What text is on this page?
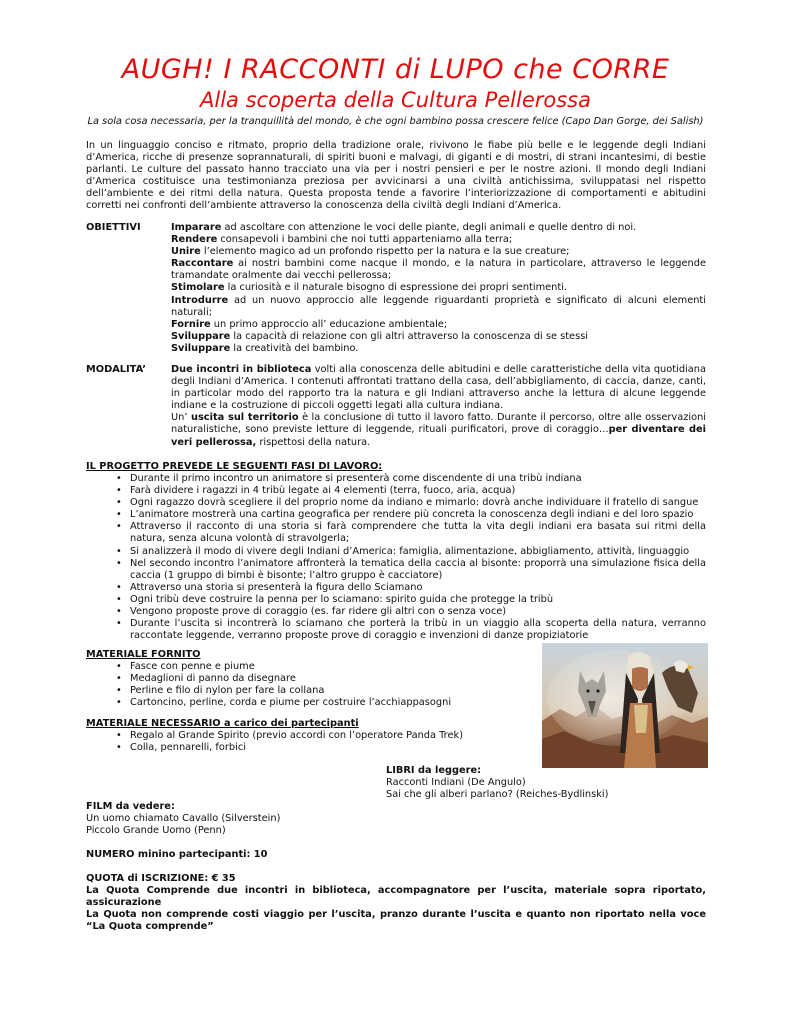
AUGH! I RACCONTI di LUPO che CORRE
Alla scoperta della Cultura Pellerossa
La sola cosa necessaria, per la tranquillità del mondo, è che ogni bambino possa crescere felice (Capo Dan Gorge, dei Salish)

In un linguaggio conciso e ritmato, proprio della tradizione orale, rivivono le fiabe più belle e le leggende degli Indiani d’America, ricche di presenze soprannaturali, di spiriti buoni e malvagi, di giganti e di mostri, di strani incantesimi, di bestie parlanti. Le culture del passato hanno tracciato una via per i nostri pensieri e per le nostre azioni. Il mondo degli Indiani d’America costituisce una testimonianza preziosa per avvicinarsi a una civiltà antichissima, sviluppatasi nel rispetto dell’ambiente e dei ritmi della natura. Questa proposta tende a favorire l’interiorizzazione di comportamenti e abitudini corretti nei confronti dell’ambiente attraverso la conoscenza della civiltà degli Indiani d’America.

OBIETTIVI	Imparare ad ascoltare con attenzione le voci delle piante, degli animali e quelle dentro di noi.

Rendere consapevoli i bambini che noi tutti apparteniamo alla terra;

Unire l’elemento magico ad un profondo rispetto per la natura e la sue creature;

Raccontare ai nostri bambini come nacque il mondo, e la natura in particolare, attraverso le leggende tramandate oralmente dai vecchi pellerossa;

Stimolare la curiosità e il naturale bisogno di espressione dei propri sentimenti.

Introdurre ad un nuovo approccio alle leggende riguardanti proprietà e significato di alcuni elementi naturali;

Fornire un primo approccio all’ educazione ambientale;

Sviluppare la capacità di relazione con gli altri attraverso la conoscenza di se stessi

Sviluppare la creatività del bambino.

MODALITA’	Due incontri in biblioteca volti alla conoscenza delle abitudini e delle caratteristiche della vita quotidiana degli Indiani d’America. I contenuti affrontati trattano della casa, dell’abbigliamento, di caccia, danze, canti, in particolar modo del rapporto tra la natura e gli Indiani attraverso anche la lettura di alcune leggende indiane e la costruzione di piccoli oggetti legati alla cultura indiana.

Un’ uscita sul territorio è la conclusione di tutto il lavoro fatto. Durante il percorso, oltre alle osservazioni naturalistiche, sono previste letture di leggende, rituali purificatori, prove di coraggio…per diventare dei veri pellerossa, rispettosi della natura.

IL PROGETTO PREVEDE LE SEGUENTI FASI DI LAVORO:
• Durante il primo incontro un animatore si presenterà come discendente di una tribù indiana
• Farà dividere i ragazzi in 4 tribù legate ai 4 elementi (terra, fuoco, aria, acqua)
• Ogni ragazzo dovrà scegliere il del proprio nome da indiano e mimarlo: dovrà anche individuare il fratello di sangue
• L’animatore mostrerà una cartina geografica per rendere più concreta la conoscenza degli indiani e del loro spazio
• Attraverso il racconto di una storia si farà comprendere che tutta la vita degli indiani era basata sui ritmi della natura, senza alcuna volontà di stravolgerla;
• Si analizzerà il modo di vivere degli Indiani d’America: famiglia, alimentazione, abbigliamento, attività, linguaggio
• Nel secondo incontro l’animatore affronterà la tematica della caccia al bisonte: proporrà una simulazione fisica della caccia (1 gruppo di bimbi è bisonte; l’altro gruppo è cacciatore)
• Attraverso una storia si presenterà la figura dello Sciamano
• Ogni tribù deve costruire la penna per lo sciamano: spirito guida che protegge la tribù
• Vengono proposte prove di coraggio (es. far ridere gli altri con o senza voce)
• Durante l’uscita si incontrerà lo sciamano che porterà la tribù in un viaggio alla scoperta della natura, verranno raccontate leggende, verranno proposte prove di coraggio e invenzioni di danze propiziatorie
MATERIALE FORNITO
• Fasce con penne e piume
• Medaglioni di panno da disegnare
• Perline e filo di nylon per fare la collana
• Cartoncino, perline, corda e piume per costruire l’acchiappasogni
MATERIALE NECESSARIO a carico dei partecipanti
• Regalo al Grande Spirito (previo accordi con l’operatore Panda Trek)
• Colla, pennarelli, forbici
LIBRI da leggere:
Racconti Indiani (De Angulo)
Sai che gli alberi parlano? (Reiches-Bydlinski)
FILM da vedere:
Un uomo chiamato Cavallo (Silverstein)
Piccolo Grande Uomo (Penn)
NUMERO minino partecipanti: 10
QUOTA di ISCRIZIONE: € 35

La Quota Comprende due incontri in biblioteca, accompagnatore per l’uscita, materiale sopra riportato, assicurazione

La Quota non comprende costi viaggio per l’uscita, pranzo durante l’uscita e quanto non riportato nella voce “La Quota comprende”
